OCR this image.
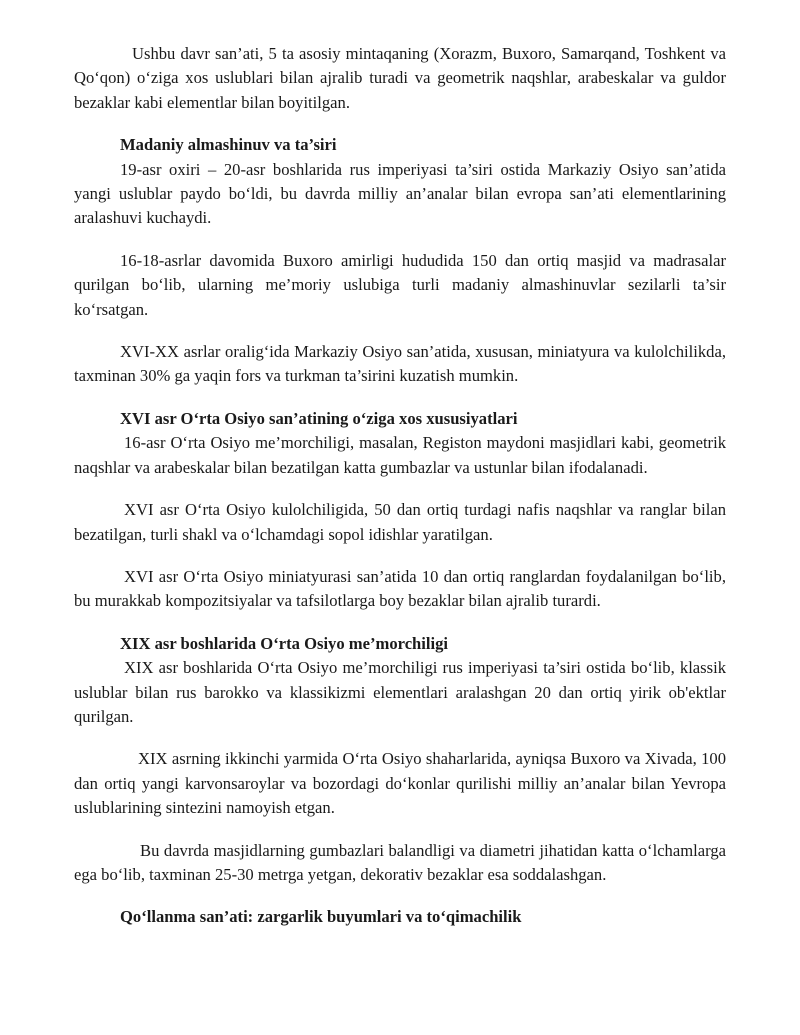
Ushbu davr san’ati, 5 ta asosiy mintaqaning (Xorazm, Buxoro, Samarqand, Toshkent va Qo‘qon) o‘ziga xos uslublari bilan ajralib turadi va geometrik naqshlar, arabeskalar va guldor bezaklar kabi elementlar bilan boyitilgan.

Madaniy almashinuv va ta’siri

19-asr oxiri – 20-asr boshlarida rus imperiyasi ta’siri ostida Markaziy Osiyo san’atida yangi uslublar paydo bo‘ldi, bu davrda milliy an’analar bilan evropa san’ati elementlarining aralashuvi kuchaydi.

16-18-asrlar davomida Buxoro amirligi hududida 150 dan ortiq masjid va madrasalar qurilgan bo‘lib, ularning me’moriy uslubiga turli madaniy almashinuvlar sezilarli ta’sir ko‘rsatgan.

XVI-XX asrlar oralig‘ida Markaziy Osiyo san’atida, xususan, miniatyura va kulolchilikda, taxminan 30% ga yaqin fors va turkman ta’sirini kuzatish mumkin.

XVI asr O‘rta Osiyo san’atining o‘ziga xos xususiyatlari

16-asr O‘rta Osiyo me’morchiligi, masalan, Registon maydoni masjidlari kabi, geometrik naqshlar va arabeskalar bilan bezatilgan katta gumbazlar va ustunlar bilan ifodalanadi.

XVI asr O‘rta Osiyo kulolchiligida, 50 dan ortiq turdagi nafis naqshlar va ranglar bilan bezatilgan, turli shakl va o‘lchamdagi sopol idishlar yaratilgan.

XVI asr O‘rta Osiyo miniatyurasi san’atida 10 dan ortiq ranglardan foydalanilgan bo‘lib, bu murakkab kompozitsiyalar va tafsilotlarga boy bezaklar bilan ajralib turardi.

XIX asr boshlarida O‘rta Osiyo me’morchiligi

XIX asr boshlarida O‘rta Osiyo me’morchiligi rus imperiyasi ta’siri ostida bo‘lib, klassik uslublar bilan rus barokko va klassikizmi elementlari aralashgan 20 dan ortiq yirik ob'ektlar qurilgan.

XIX asrning ikkinchi yarmida O‘rta Osiyo shaharlarida, ayniqsa Buxoro va Xivada, 100 dan ortiq yangi karvonsaroylar va bozordagi do‘konlar qurilishi milliy an’analar bilan Yevropa uslublarining sintezini namoyish etgan.

Bu davrda masjidlarning gumbazlari balandligi va diametri jihatidan katta o‘lchamlarga ega bo‘lib, taxminan 25-30 metrga yetgan, dekorativ bezaklar esa soddalashgan.

Qo‘llanma san’ati: zargarlik buyumlari va to‘qimachilik
